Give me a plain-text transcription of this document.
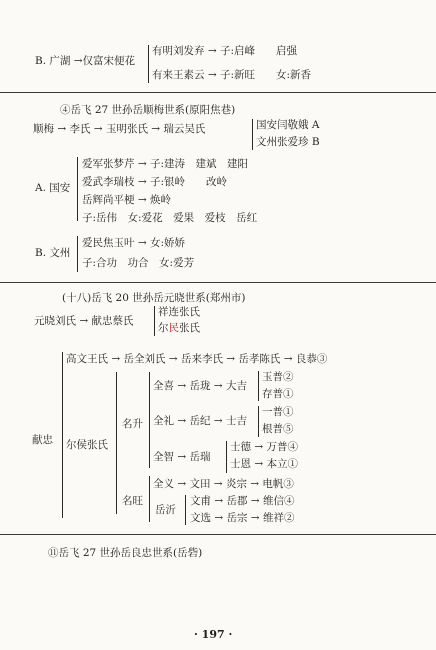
B. 广湖 →仅富宋便花
有明刘发弃 → 子:启峰　　启强
有来王素云 → 子:新旺　　女:新香
④岳飞 27 世孙岳顺梅世系(原阳焦巷)
顺梅 → 李氏 → 玉明张氏 → 瑞云吴氏	国安闫敬娥 A
文州张爱珍 B
A. 国安
爱军张梦芹 → 子:建涛　建斌　建阳
爱武李瑞枝 → 子:银岭　　改岭
岳辉尚平梗 → 焕岭
子:岳伟　女:爱花　爱果　爱枝　岳红
B. 文州
爱民焦玉叶 → 女:娇娇
子:合功　功合　女:爱芳
(十八)岳飞 20 世孙岳元晓世系(郑州市)
元晓刘氏 → 献忠蔡氏
祥连张氏
尔民张氏
献忠
高文王氏 → 岳全刘氏 → 岳来李氏 → 岳孝陈氏 → 良恭③
尔侯张氏
名升
全喜 → 岳珑 → 大吉
玉普②
存普①
全礼 → 岳纪 → 士吉
一普①
根普⑤
全智 → 岳瑞
士德 → 万普④
士恩 → 本立①
名旺
全义 → 文田 → 炎宗 → 电帆③
岳沂
文甫 → 岳郡 → 维信④
文选 → 岳宗 → 维祥②
⑪岳飞 27 世孙岳良忠世系(岳砦)
· 197 ·
